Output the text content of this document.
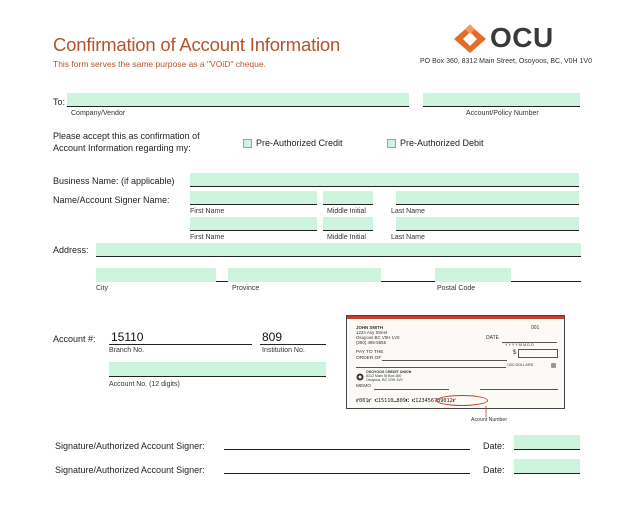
Confirmation of Account Information
This form serves the same purpose as a "VOiD" cheque.
OCU
PO Box 360, 8312 Main Street, Osoyoos, BC, V0H 1V0
To:
Company/Vendor	Account/Policy Number
Please accept this as confirmation of
Account Information regarding my:	Pre-Authorized Credit	Pre-Authorized Debit
Business Name: (if applicable)
Name/Account Signer Name:
First Name	Middle Initial	Last Name
First Name	Middle Initial	Last Name
Address:
City	Province	Postal Code
Account #: 15110
Branch No.
809
Institution No.
Account No. (12 digits)
JOHN SMITH
1234 Any Street
Osoyoos BC V0H 1V0
(250) 495-5555
001
DATE
Y Y Y Y M M D D
PAY TO THE
ORDER OF
$
/100 DOLLARS
OSOYOOS CREDIT UNION
8312 Main St Box 360
Osoyoos, BC V0H 1V0
MEMO
⑈001⑈ ⑆15110⑉809⑆ ⑆123456789012⑈
Acount Number
Signature/Authorized Account Signer:	Date:
Signature/Authorized Account Signer:	Date:
